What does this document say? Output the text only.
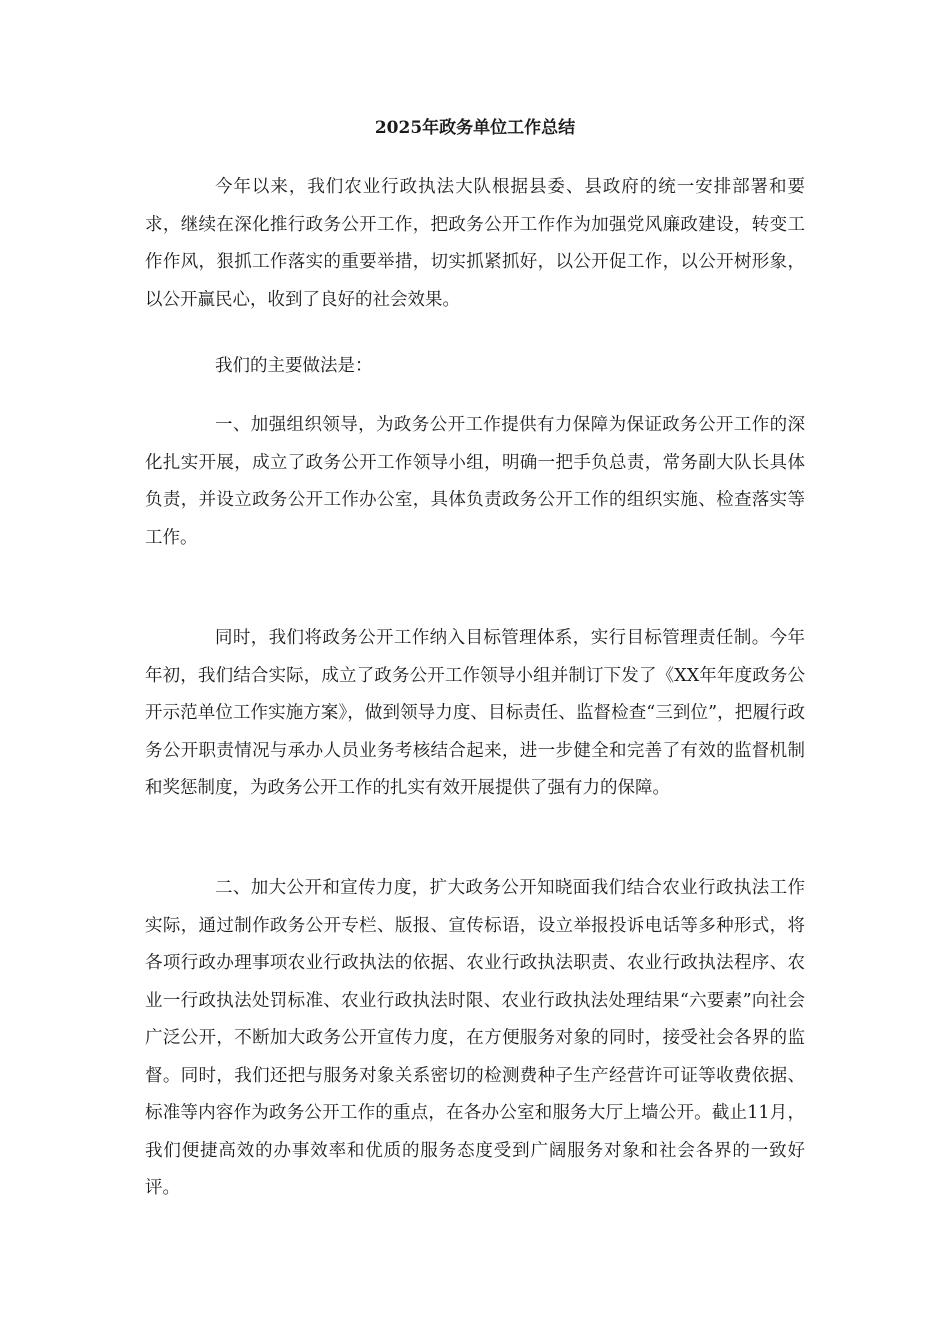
2025年政务单位工作总结

今年以来，我们农业行政执法大队根据县委、县政府的统一安排部署和要求，继续在深化推行政务公开工作，把政务公开工作作为加强党风廉政建设，转变工作作风，狠抓工作落实的重要举措，切实抓紧抓好，以公开促工作，以公开树形象，以公开赢民心，收到了良好的社会效果。

我们的主要做法是：

一、加强组织领导，为政务公开工作提供有力保障为保证政务公开工作的深化扎实开展，成立了政务公开工作领导小组，明确一把手负总责，常务副大队长具体负责，并设立政务公开工作办公室，具体负责政务公开工作的组织实施、检查落实等工作。

同时，我们将政务公开工作纳入目标管理体系，实行目标管理责任制。今年年初，我们结合实际，成立了政务公开工作领导小组并制订下发了《XX年年度政务公开示范单位工作实施方案》，做到领导力度、目标责任、监督检查“三到位”，把履行政务公开职责情况与承办人员业务考核结合起来，进一步健全和完善了有效的监督机制和奖惩制度，为政务公开工作的扎实有效开展提供了强有力的保障。

二、加大公开和宣传力度，扩大政务公开知晓面我们结合农业行政执法工作实际，通过制作政务公开专栏、版报、宣传标语，设立举报投诉电话等多种形式，将各项行政办理事项农业行政执法的依据、农业行政执法职责、农业行政执法程序、农业一行政执法处罚标准、农业行政执法时限、农业行政执法处理结果“六要素”向社会广泛公开，不断加大政务公开宣传力度，在方便服务对象的同时，接受社会各界的监督。同时，我们还把与服务对象关系密切的检测费种子生产经营许可证等收费依据、标准等内容作为政务公开工作的重点，在各办公室和服务大厅上墙公开。截止11月，我们便捷高效的办事效率和优质的服务态度受到广阔服务对象和社会各界的一致好评。
